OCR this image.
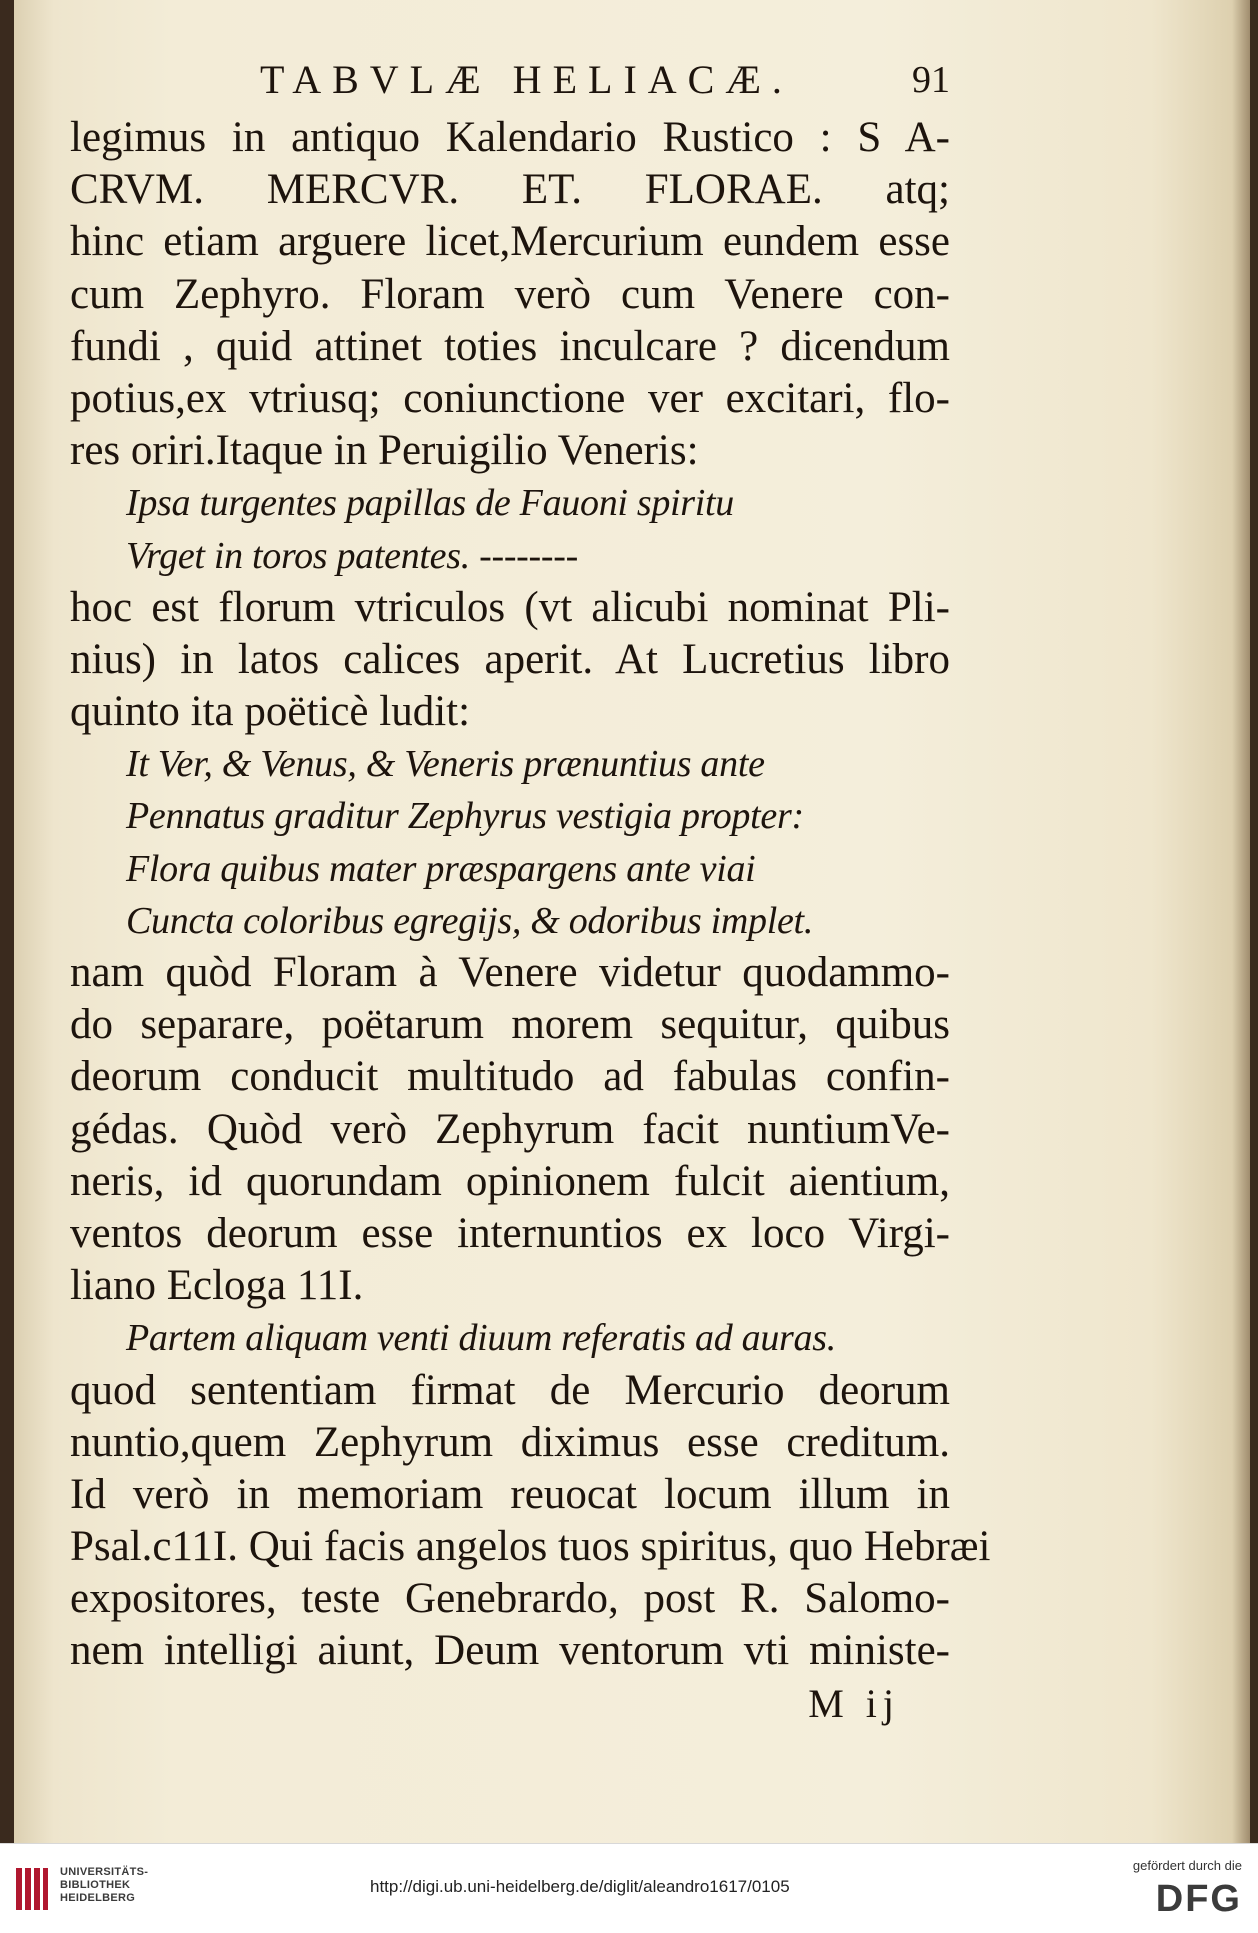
TABVLÆ HELIACÆ.	91
legimus in antiquo Kalendario Rustico : S A-
CRVM. MERCVR. ET. FLORAE. atq;
hinc etiam arguere licet,Mercurium eundem esse
cum Zephyro. Floram verò cum Venere con-
fundi , quid attinet toties inculcare ? dicendum
potius,ex vtriusq; coniunctione ver excitari, flo-
res oriri.Itaque in Peruigilio Veneris:
Ipsa turgentes papillas de Fauoni spiritu
Vrget in toros patentes. --------
hoc est florum vtriculos (vt alicubi nominat Pli-
nius) in latos calices aperit. At Lucretius libro
quinto ita poëticè ludit:
It Ver, & Venus, & Veneris prænuntius ante
Pennatus graditur Zephyrus vestigia propter:
Flora quibus mater præspargens ante viai
Cuncta coloribus egregijs, & odoribus implet.
nam quòd Floram à Venere videtur quodammo-
do separare, poëtarum morem sequitur, quibus
deorum conducit multitudo ad fabulas confin-
gédas. Quòd verò Zephyrum facit nuntiumVe-
neris, id quorundam opinionem fulcit aientium,
ventos deorum esse internuntios ex loco Virgi-
liano Ecloga 11I.
Partem aliquam venti diuum referatis ad auras.
quod sententiam firmat de Mercurio deorum
nuntio,quem Zephyrum diximus esse creditum.
Id verò in memoriam reuocat locum illum in
Psal.c11I. Qui facis angelos tuos spiritus, quo Hebræi
expositores, teste Genebrardo, post R. Salomo-
nem intelligi aiunt, Deum ventorum vti ministe-
M ij
UNIVERSITÄTS-
BIBLIOTHEK
HEIDELBERG
http://digi.ub.uni-heidelberg.de/diglit/aleandro1617/0105
gefördert durch die
DFG
